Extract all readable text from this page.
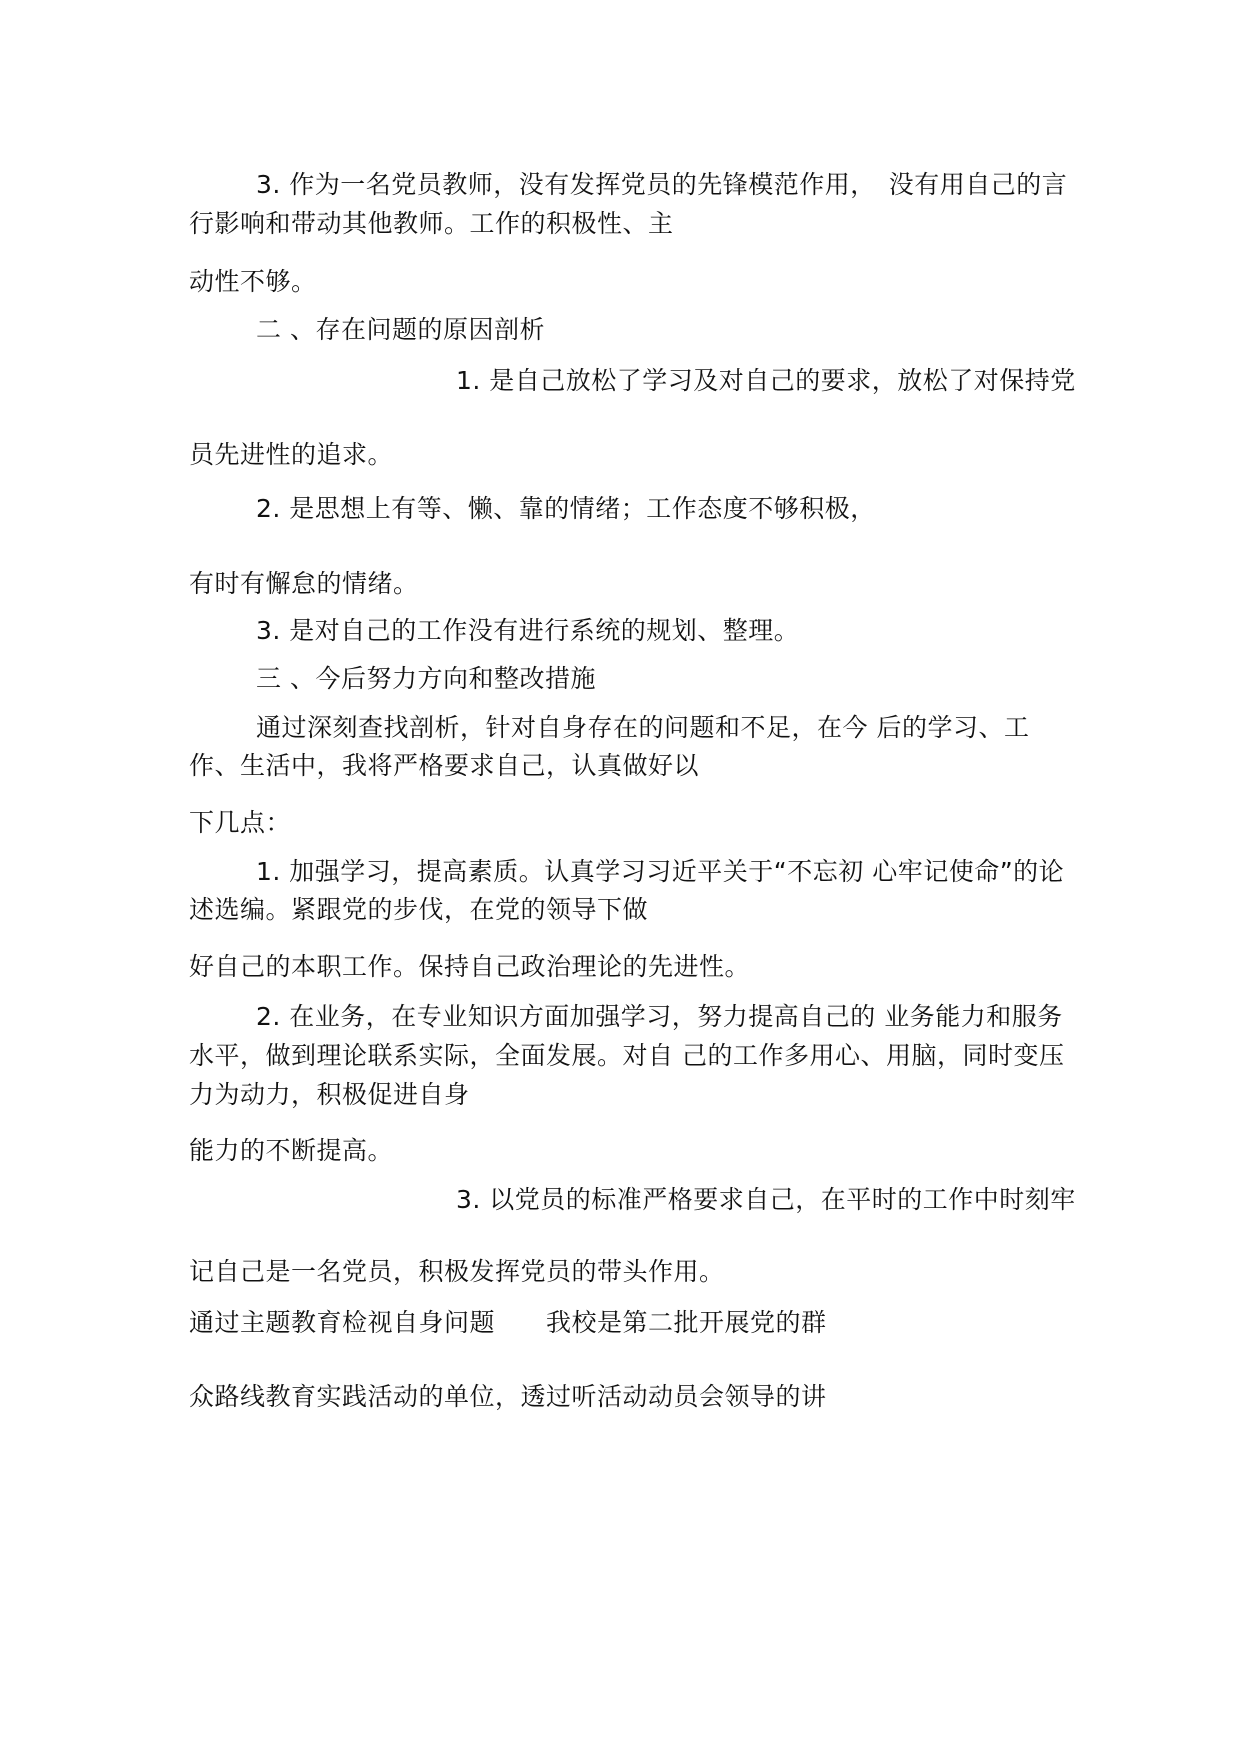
3. 作为一名党员教师，没有发挥党员的先锋模范作用，　没有用自己的言
行影响和带动其他教师。工作的积极性、主
动性不够。
二 、存在问题的原因剖析
1. 是自己放松了学习及对自己的要求，放松了对保持党
员先进性的追求。
2. 是思想上有等、懒、靠的情绪；工作态度不够积极，
有时有懈怠的情绪。
3. 是对自己的工作没有进行系统的规划、整理。
三 、今后努力方向和整改措施
通过深刻查找剖析，针对自身存在的问题和不足，在今 后的学习、工
作、生活中，我将严格要求自己，认真做好以
下几点：
1. 加强学习，提高素质。认真学习习近平关于“不忘初 心牢记使命”的论
述选编。紧跟党的步伐，在党的领导下做
好自己的本职工作。保持自己政治理论的先进性。
2. 在业务，在专业知识方面加强学习，努力提高自己的 业务能力和服务
水平，做到理论联系实际，全面发展。对自 己的工作多用心、用脑，同时变压
力为动力，积极促进自身
能力的不断提高。
3. 以党员的标准严格要求自己，在平时的工作中时刻牢
记自己是一名党员，积极发挥党员的带头作用。
通过主题教育检视自身问题　　我校是第二批开展党的群
众路线教育实践活动的单位，透过听活动动员会领导的讲
